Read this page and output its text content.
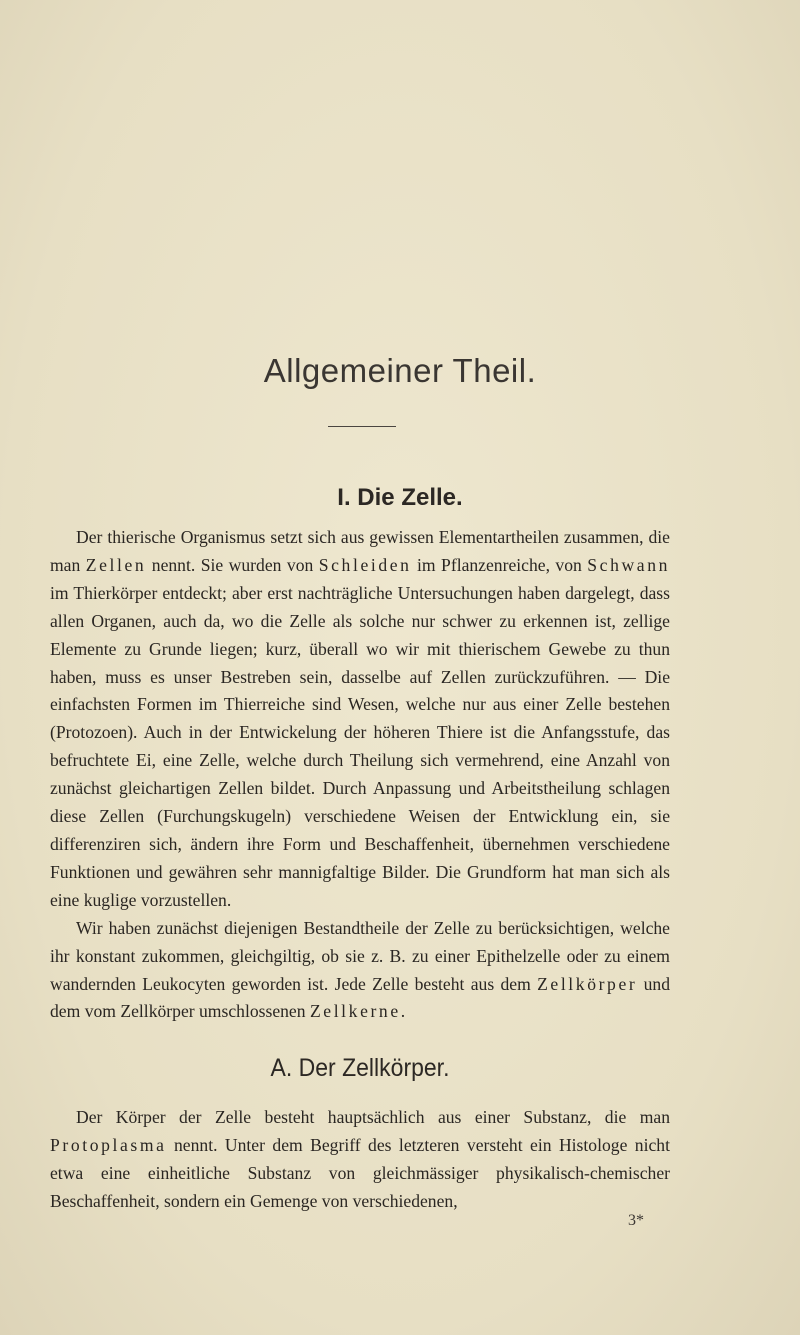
Allgemeiner Theil.
I. Die Zelle.

Der thierische Organismus setzt sich aus gewissen Elementartheilen zusammen, die man Zellen nennt. Sie wurden von Schleiden im Pflanzenreiche, von Schwann im Thierkörper entdeckt; aber erst nachträgliche Untersuchungen haben dargelegt, dass allen Organen, auch da, wo die Zelle als solche nur schwer zu erkennen ist, zellige Elemente zu Grunde liegen; kurz, überall wo wir mit thierischem Gewebe zu thun haben, muss es unser Bestreben sein, dasselbe auf Zellen zurückzuführen. — Die einfachsten Formen im Thierreiche sind Wesen, welche nur aus einer Zelle bestehen (Protozoen). Auch in der Entwickelung der höheren Thiere ist die Anfangsstufe, das befruchtete Ei, eine Zelle, welche durch Theilung sich vermehrend, eine Anzahl von zunächst gleichartigen Zellen bildet. Durch Anpassung und Arbeitstheilung schlagen diese Zellen (Furchungskugeln) verschiedene Weisen der Entwicklung ein, sie differenziren sich, ändern ihre Form und Beschaffenheit, übernehmen verschiedene Funktionen und gewähren sehr mannigfaltige Bilder. Die Grundform hat man sich als eine kuglige vorzustellen.

Wir haben zunächst diejenigen Bestandtheile der Zelle zu berücksichtigen, welche ihr konstant zukommen, gleichgiltig, ob sie z. B. zu einer Epithelzelle oder zu einem wandernden Leukocyten geworden ist. Jede Zelle besteht aus dem Zellkörper und dem vom Zellkörper umschlossenen Zellkerne.

A. Der Zellkörper.

Der Körper der Zelle besteht hauptsächlich aus einer Substanz, die man Protoplasma nennt. Unter dem Begriff des letzteren versteht ein Histologe nicht etwa eine einheitliche Substanz von gleichmässiger physikalisch-chemischer Beschaffenheit, sondern ein Gemenge von verschiedenen,

3*
